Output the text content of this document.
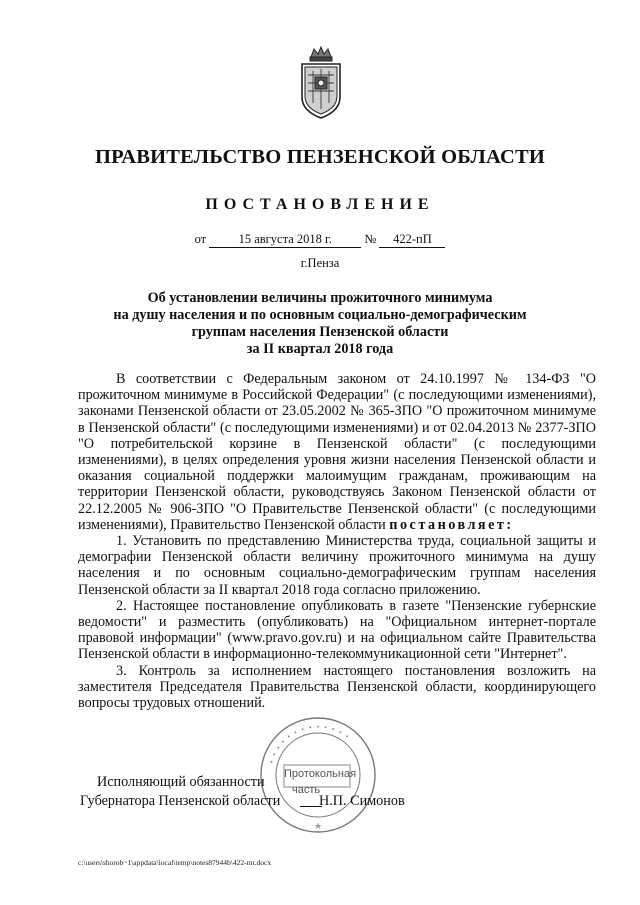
ПРАВИТЕЛЬСТВО ПЕНЗЕНСКОЙ ОБЛАСТИ
ПОСТАНОВЛЕНИЕ
от	15 августа 2018 г.	№ 422-пП
г.Пенза
Об установлении величины прожиточного минимума
на душу населения и по основным социально-демографическим
группам населения Пензенской области
за II квартал 2018 года

В соответствии с Федеральным законом от 24.10.1997 № 134-ФЗ "О прожиточном минимуме в Российской Федерации" (с последующими изменениями), законами Пензенской области от 23.05.2002 № 365-ЗПО "О прожиточном минимуме в Пензенской области" (с последующими изменениями) и от 02.04.2013 № 2377-ЗПО "О потребительской корзине в Пензенской области" (с последующими изменениями), в целях определения уровня жизни населения Пензенской области и оказания социальной поддержки малоимущим гражданам, проживающим на территории Пензенской области, руководствуясь Законом Пензенской области от 22.12.2005 № 906-ЗПО "О Правительстве Пензенской области" (с последующими изменениями), Правительство Пензенской области постановляет:

1. Установить по представлению Министерства труда, социальной защиты и демографии Пензенской области величину прожиточного минимума на душу населения и по основным социально-демографическим группам населения Пензенской области за II квартал 2018 года согласно приложению.

2. Настоящее постановление опубликовать в газете "Пензенские губернские ведомости" и разместить (опубликовать) на "Официальном интернет-портале правовой информации" (www.pravo.gov.ru) и на официальном сайте Правительства Пензенской области в информационно-телекоммуникационной сети "Интернет".

3. Контроль за исполнением настоящего постановления возложить на заместителя Председателя Правительства Пензенской области, координирующего вопросы трудовых отношений.

• • • • • • • • • • • • •
★
Протокольная
часть
Исполняющий обязанности
Губернатора Пензенской области	Н.П. Симонов
c:\users\shorob~1\appdata\local\temp\notes87944b\422-пп.docx
